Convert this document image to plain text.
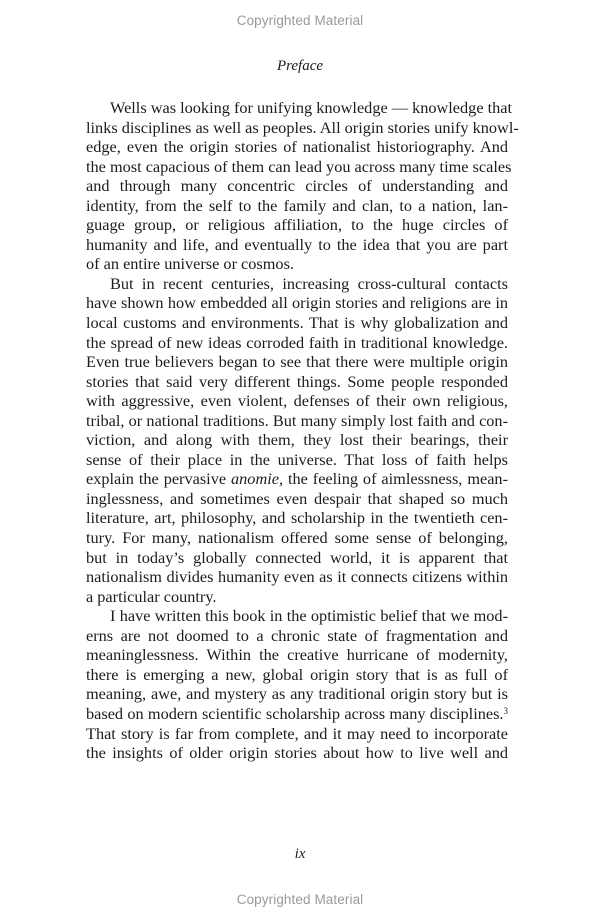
Copyrighted Material
Preface
Wells was looking for unifying knowledge — knowledge that
links disciplines as well as peoples. All origin stories unify knowl-
edge, even the origin stories of nationalist historiography. And
the most capacious of them can lead you across many time scales
and through many concentric circles of understanding and
identity, from the self to the family and clan, to a nation, lan-
guage group, or religious affiliation, to the huge circles of
humanity and life, and eventually to the idea that you are part
of an entire universe or cosmos.
But in recent centuries, increasing cross-cultural contacts
have shown how embedded all origin stories and religions are in
local customs and environments. That is why globalization and
the spread of new ideas corroded faith in traditional knowledge.
Even true believers began to see that there were multiple origin
stories that said very different things. Some people responded
with aggressive, even violent, defenses of their own religious,
tribal, or national traditions. But many simply lost faith and con-
viction, and along with them, they lost their bearings, their
sense of their place in the universe. That loss of faith helps
explain the pervasive anomie, the feeling of aimlessness, mean-
inglessness, and sometimes even despair that shaped so much
literature, art, philosophy, and scholarship in the twentieth cen-
tury. For many, nationalism offered some sense of belonging,
but in today’s globally connected world, it is apparent that
nationalism divides humanity even as it connects citizens within
a particular country.
I have written this book in the optimistic belief that we mod-
erns are not doomed to a chronic state of fragmentation and
meaninglessness. Within the creative hurricane of modernity,
there is emerging a new, global origin story that is as full of
meaning, awe, and mystery as any traditional origin story but is
based on modern scientific scholarship across many disciplines.$^3$
That story is far from complete, and it may need to incorporate
the insights of older origin stories about how to live well and
ix
Copyrighted Material
